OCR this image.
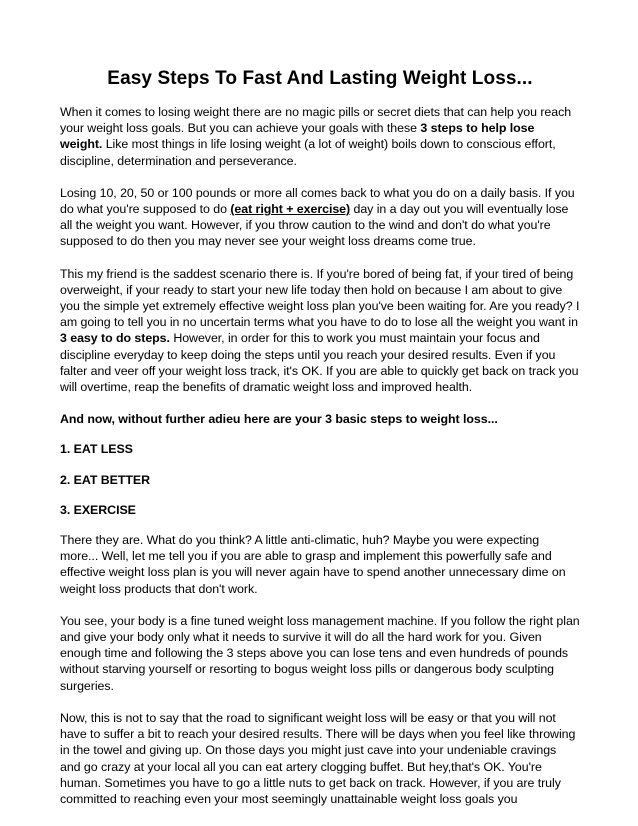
Easy Steps To Fast And Lasting Weight Loss...

When it comes to losing weight there are no magic pills or secret diets that can help you reach your weight loss goals. But you can achieve your goals with these 3 steps to help lose weight. Like most things in life losing weight (a lot of weight) boils down to conscious effort, discipline, determination and perseverance.

Losing 10, 20, 50 or 100 pounds or more all comes back to what you do on a daily basis. If you do what you're supposed to do (eat right + exercise) day in a day out you will eventually lose all the weight you want. However, if you throw caution to the wind and don't do what you're supposed to do then you may never see your weight loss dreams come true.

This my friend is the saddest scenario there is. If you're bored of being fat, if your tired of being overweight, if your ready to start your new life today then hold on because I am about to give you the simple yet extremely effective weight loss plan you've been waiting for. Are you ready? I am going to tell you in no uncertain terms what you have to do to lose all the weight you want in 3 easy to do steps. However, in order for this to work you must maintain your focus and discipline everyday to keep doing the steps until you reach your desired results. Even if you falter and veer off your weight loss track, it's OK. If you are able to quickly get back on track you will overtime, reap the benefits of dramatic weight loss and improved health.

And now, without further adieu here are your 3 basic steps to weight loss...

1. EAT LESS

2. EAT BETTER

3. EXERCISE

There they are. What do you think? A little anti-climatic, huh? Maybe you were expecting more... Well, let me tell you if you are able to grasp and implement this powerfully safe and effective weight loss plan is you will never again have to spend another unnecessary dime on weight loss products that don't work.

You see, your body is a fine tuned weight loss management machine. If you follow the right plan and give your body only what it needs to survive it will do all the hard work for you. Given enough time and following the 3 steps above you can lose tens and even hundreds of pounds without starving yourself or resorting to bogus weight loss pills or dangerous body sculpting surgeries.

Now, this is not to say that the road to significant weight loss will be easy or that you will not have to suffer a bit to reach your desired results. There will be days when you feel like throwing in the towel and giving up. On those days you might just cave into your undeniable cravings and go crazy at your local all you can eat artery clogging buffet. But hey,that's OK. You're human. Sometimes you have to go a little nuts to get back on track. However, if you are truly committed to reaching even your most seemingly unattainable weight loss goals you
